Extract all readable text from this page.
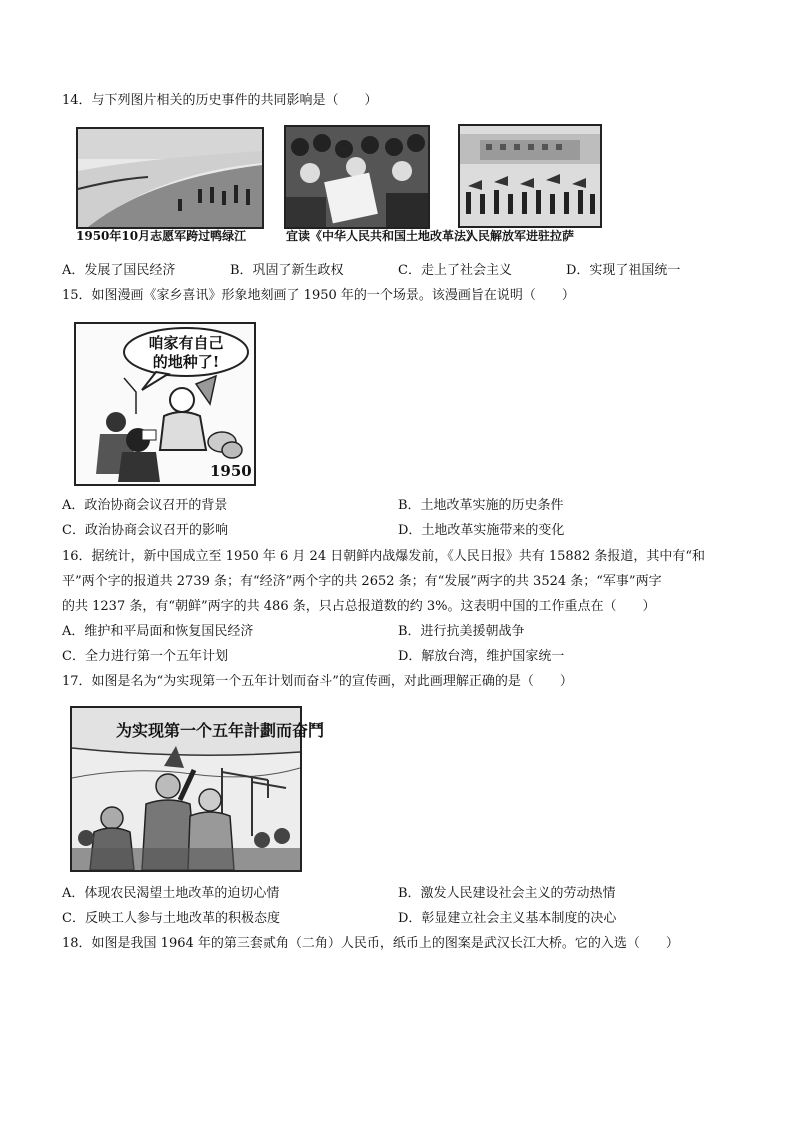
14．与下列图片相关的历史事件的共同影响是（　　）
1950年10月志愿军跨过鸭绿江	宜读《中华人民共和国土地改革法》
人民解放军进驻拉萨
A．发展了国民经济	B．巩固了新生政权	C．走上了社会主义	D．实现了祖国统一
15．如图漫画《家乡喜讯》形象地刻画了 1950 年的一个场景。该漫画旨在说明（　　）
咱家有自己
的地种了!
1950
A．政治协商会议召开的背景	B．土地改革实施的历史条件
C．政治协商会议召开的影响	D．土地改革实施带来的变化
16．据统计，新中国成立至 1950 年 6 月 24 日朝鲜内战爆发前，《人民日报》共有 15882 条报道，其中有“和
平”两个字的报道共 2739 条；有“经济”两个字的共 2652 条；有“发展”两字的共 3524 条；“军事”两字
的共 1237 条，有“朝鲜”两字的共 486 条，只占总报道数的约 3%。这表明中国的工作重点在（　　）
A．维护和平局面和恢复国民经济	B．进行抗美援朝战争
C．全力进行第一个五年计划	D．解放台湾，维护国家统一
17．如图是名为“为实现第一个五年计划而奋斗”的宣传画，对此画理解正确的是（　　）
为实现第一个五年計劃而奋鬥
A．体现农民渴望土地改革的迫切心情	B．激发人民建设社会主义的劳动热情
C．反映工人参与土地改革的积极态度	D．彰显建立社会主义基本制度的决心
18．如图是我国 1964 年的第三套贰角（二角）人民币，纸币上的图案是武汉长江大桥。它的入选（　　）
